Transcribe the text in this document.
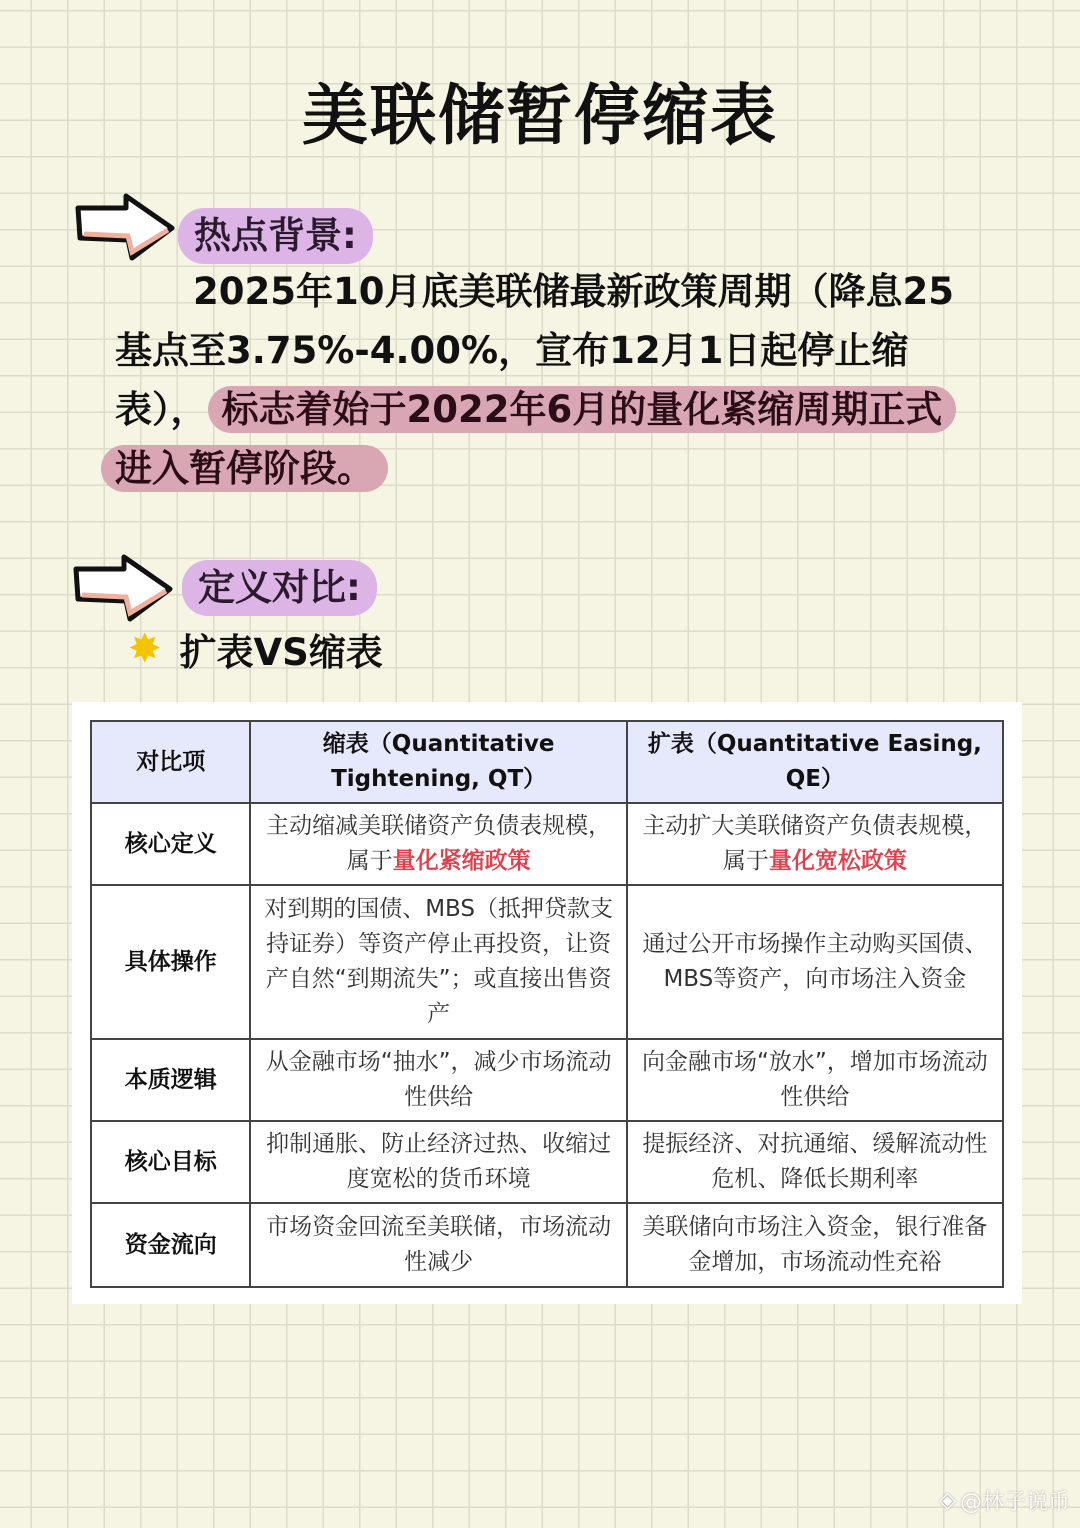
美联储暂停缩表
热点背景:
2025年10月底美联储最新政策周期（降息25
基点至3.75%-4.00%，宣布12月1日起停止缩
表）， 标志着始于2022年6月的量化紧缩周期正式
进入暂停阶段。
定义对比:
✸ 扩表VS缩表
对比项	缩表（Quantitative Tightening, QT）	扩表（Quantitative Easing, QE）
核心定义	主动缩减美联储资产负债表规模，属于量化紧缩政策	主动扩大美联储资产负债表规模，属于量化宽松政策
具体操作	对到期的国债、MBS（抵押贷款支持证券）等资产停止再投资，让资产自然“到期流失”；或直接出售资产	通过公开市场操作主动购买国债、MBS等资产，向市场注入资金
本质逻辑	从金融市场“抽水”，减少市场流动性供给	向金融市场“放水”，增加市场流动性供给
核心目标	抑制通胀、防止经济过热、收缩过度宽松的货币环境	提振经济、对抗通缩、缓解流动性危机、降低长期利率
资金流向	市场资金回流至美联储，市场流动性减少	美联储向市场注入资金，银行准备金增加，市场流动性充裕
◈ @林子说币
